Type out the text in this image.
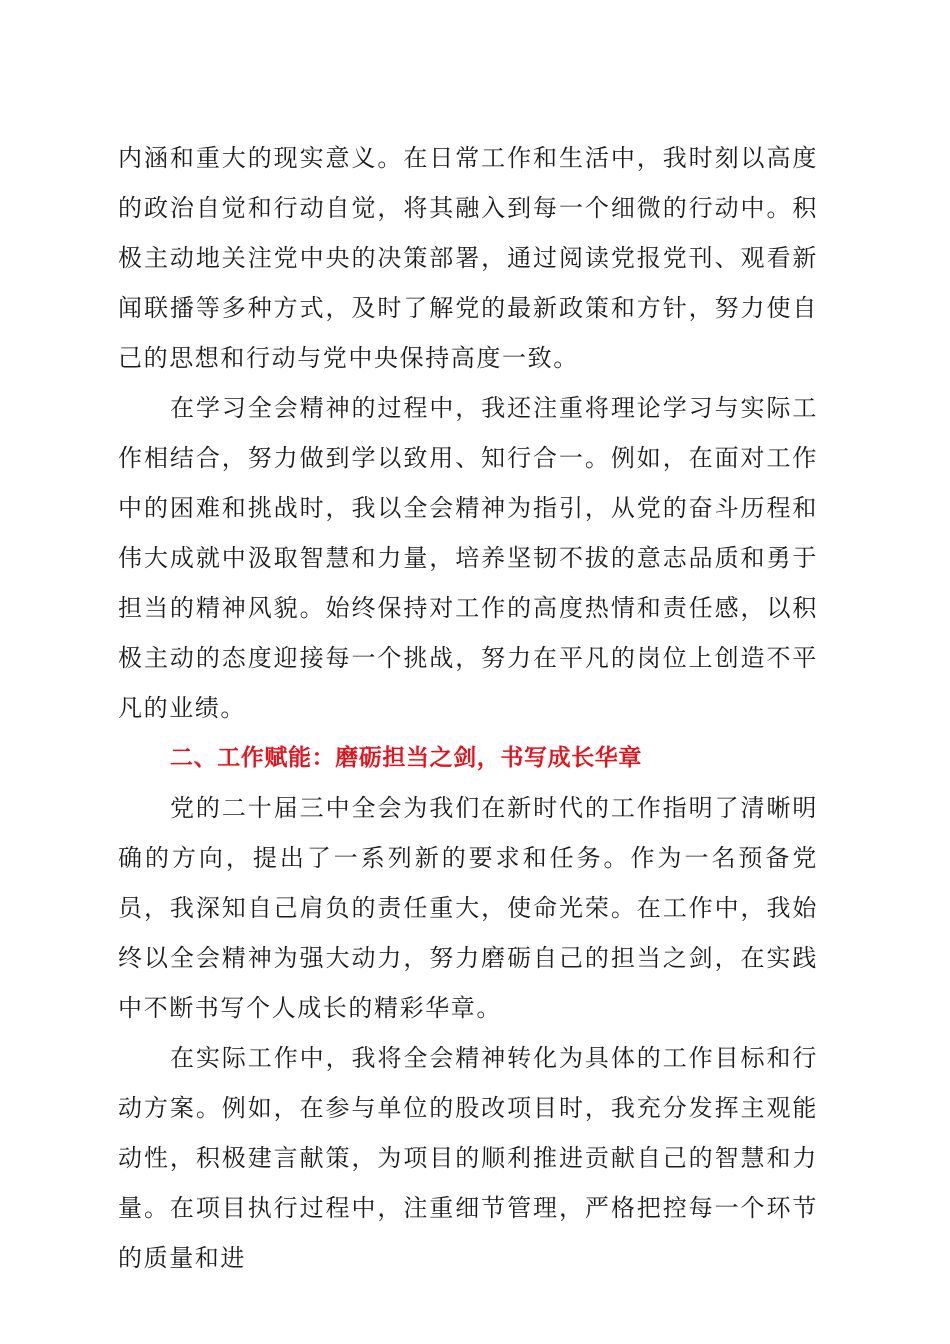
内涵和重大的现实意义。在日常工作和生活中，我时刻以高度的政治自觉和行动自觉，将其融入到每一个细微的行动中。积极主动地关注党中央的决策部署，通过阅读党报党刊、观看新闻联播等多种方式，及时了解党的最新政策和方针，努力使自己的思想和行动与党中央保持高度一致。

在学习全会精神的过程中，我还注重将理论学习与实际工作相结合，努力做到学以致用、知行合一。例如，在面对工作中的困难和挑战时，我以全会精神为指引，从党的奋斗历程和伟大成就中汲取智慧和力量，培养坚韧不拔的意志品质和勇于担当的精神风貌。始终保持对工作的高度热情和责任感，以积极主动的态度迎接每一个挑战，努力在平凡的岗位上创造不平凡的业绩。

二、工作赋能：磨砺担当之剑，书写成长华章

党的二十届三中全会为我们在新时代的工作指明了清晰明确的方向，提出了一系列新的要求和任务。作为一名预备党员，我深知自己肩负的责任重大，使命光荣。在工作中，我始终以全会精神为强大动力，努力磨砺自己的担当之剑，在实践中不断书写个人成长的精彩华章。

在实际工作中，我将全会精神转化为具体的工作目标和行动方案。例如，在参与单位的股改项目时，我充分发挥主观能动性，积极建言献策，为项目的顺利推进贡献自己的智慧和力量。在项目执行过程中，注重细节管理，严格把控每一个环节的质量和进
